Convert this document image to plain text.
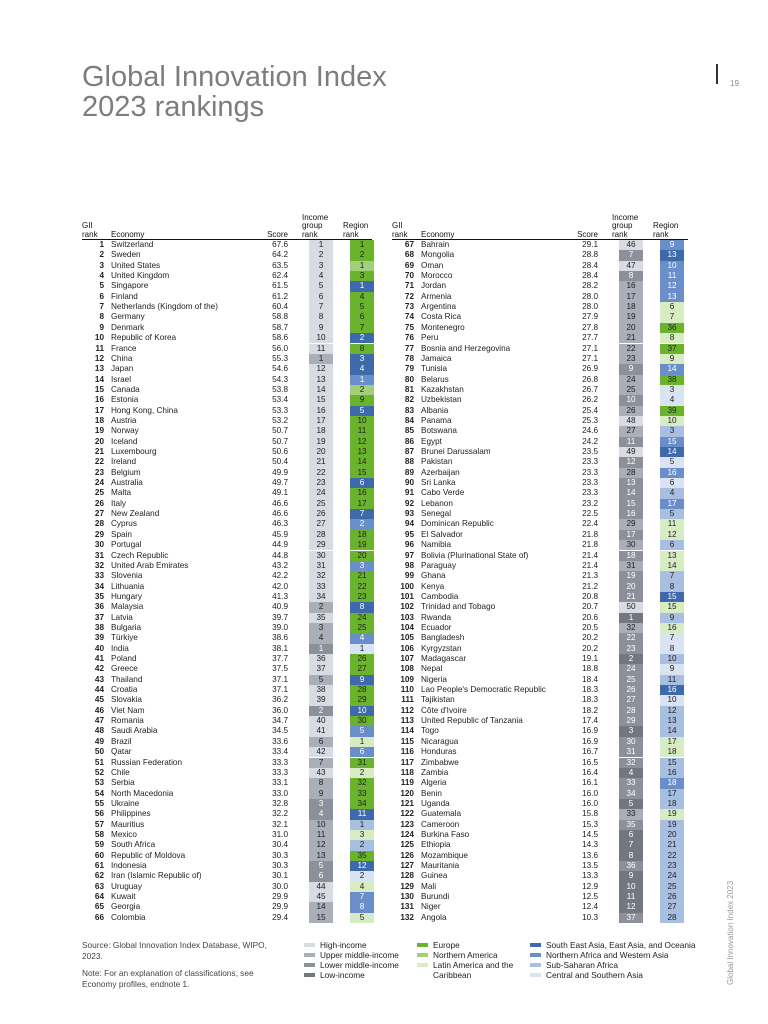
Global Innovation Index
2023 rankings
19
Global Innovation Index 2023
GII rank	Economy	Score
Income group rank
Region rank
1 Switzerland	67.6	1	1
2 Sweden	64.2	2	2
3 United States	63.5	3	1
4 United Kingdom	62.4	4	3
5 Singapore	61.5	5	1
6 Finland	61.2	6	4
7 Netherlands (Kingdom of the)	60.4	7	5
8 Germany	58.8	8	6
9 Denmark	58.7	9	7
10 Republic of Korea	58.6	10	2
11 France	56.0	11	8
12 China	55.3	1	3
13 Japan	54.6	12	4
14 Israel	54.3	13	1
15 Canada	53.8	14	2
16 Estonia	53.4	15	9
17 Hong Kong, China	53.3	16	5
18 Austria	53.2	17	10
19 Norway	50.7	18	11
20 Iceland	50.7	19	12
21 Luxembourg	50.6	20	13
22 Ireland	50.4	21	14
23 Belgium	49.9	22	15
24 Australia	49.7	23	6
25 Malta	49.1	24	16
26 Italy	46.6	25	17
27 New Zealand	46.6	26	7
28 Cyprus	46.3	27	2
29 Spain	45.9	28	18
30 Portugal	44.9	29	19
31 Czech Republic	44.8	30	20
32 United Arab Emirates	43.2	31	3
33 Slovenia	42.2	32	21
34 Lithuania	42.0	33	22
35 Hungary	41.3	34	23
36 Malaysia	40.9	2	8
37 Latvia	39.7	35	24
38 Bulgaria	39.0	3	25
39 Türkiye	38.6	4	4
40 India	38.1	1	1
41 Poland	37.7	36	26
42 Greece	37.5	37	27
43 Thailand	37.1	5	9
44 Croatia	37.1	38	28
45 Slovakia	36.2	39	29
46 Viet Nam	36.0	2	10
47 Romania	34.7	40	30
48 Saudi Arabia	34.5	41	5
49 Brazil	33.6	6	1
50 Qatar	33.4	42	6
51 Russian Federation	33.3	7	31
52 Chile	33.3	43	2
53 Serbia	33.1	8	32
54 North Macedonia	33.0	9	33
55 Ukraine	32.8	3	34
56 Philippines	32.2	4	11
57 Mauritius	32.1	10	1
58 Mexico	31.0	11	3
59 South Africa	30.4	12	2
60 Republic of Moldova	30.3	13	35
61 Indonesia	30.3	5	12
62 Iran (Islamic Republic of)	30.1	6	2
63 Uruguay	30.0	44	4
64 Kuwait	29.9	45	7
65 Georgia	29.9	14	8
66 Colombia	29.4	15	5
GII rank	Economy	Score
Income group rank
Region rank
67 Bahrain	29.1	46	9
68 Mongolia	28.8	7	13
69 Oman	28.4	47	10
70 Morocco	28.4	8	11
71 Jordan	28.2	16	12
72 Armenia	28.0	17	13
73 Argentina	28.0	18	6
74 Costa Rica	27.9	19	7
75 Montenegro	27.8	20	36
76 Peru	27.7	21	8
77 Bosnia and Herzegovina	27.1	22	37
78 Jamaica	27.1	23	9
79 Tunisia	26.9	9	14
80 Belarus	26.8	24	38
81 Kazakhstan	26.7	25	3
82 Uzbekistan	26.2	10	4
83 Albania	25.4	26	39
84 Panama	25.3	48	10
85 Botswana	24.6	27	3
86 Egypt	24.2	11	15
87 Brunei Darussalam	23.5	49	14
88 Pakistan	23.3	12	5
89 Azerbaijan	23.3	28	16
90 Sri Lanka	23.3	13	6
91 Cabo Verde	23.3	14	4
92 Lebanon	23.2	15	17
93 Senegal	22.5	16	5
94 Dominican Republic	22.4	29	11
95 El Salvador	21.8	17	12
96 Namibia	21.8	30	6
97 Bolivia (Plurinational State of)	21.4	18	13
98 Paraguay	21.4	31	14
99 Ghana	21.3	19	7
100 Kenya	21.2	20	8
101 Cambodia	20.8	21	15
102 Trinidad and Tobago	20.7	50	15
103 Rwanda	20.6	1	9
104 Ecuador	20.5	32	16
105 Bangladesh	20.2	22	7
106 Kyrgyzstan	20.2	23	8
107 Madagascar	19.1	2	10
108 Nepal	18.8	24	9
109 Nigeria	18.4	25	11
110 Lao People's Democratic Republic	18.3	26	16
111 Tajikistan	18.3	27	10
112 Côte d'Ivoire	18.2	28	12
113 United Republic of Tanzania	17.4	29	13
114 Togo	16.9	3	14
115 Nicaragua	16.9	30	17
116 Honduras	16.7	31	18
117 Zimbabwe	16.5	32	15
118 Zambia	16.4	4	16
119 Algeria	16.1	33	18
120 Benin	16.0	34	17
121 Uganda	16.0	5	18
122 Guatemala	15.8	33	19
123 Cameroon	15.3	35	19
124 Burkina Faso	14.5	6	20
125 Ethiopia	14.3	7	21
126 Mozambique	13.6	8	22
127 Mauritania	13.5	36	23
128 Guinea	13.3	9	24
129 Mali	12.9	10	25
130 Burundi	12.5	11	26
131 Niger	12.4	12	27
132 Angola	10.3	37	28

Source: Global Innovation Index Database, WIPO, 2023.

Note: For an explanation of classifications, see Economy profiles, endnote 1.

High-income
Upper middle-income
Lower middle-income
Low-income
Europe
Northern America
Latin America and the Caribbean
South East Asia, East Asia, and Oceania
Northern Africa and Western Asia
Sub-Saharan Africa
Central and Southern Asia
